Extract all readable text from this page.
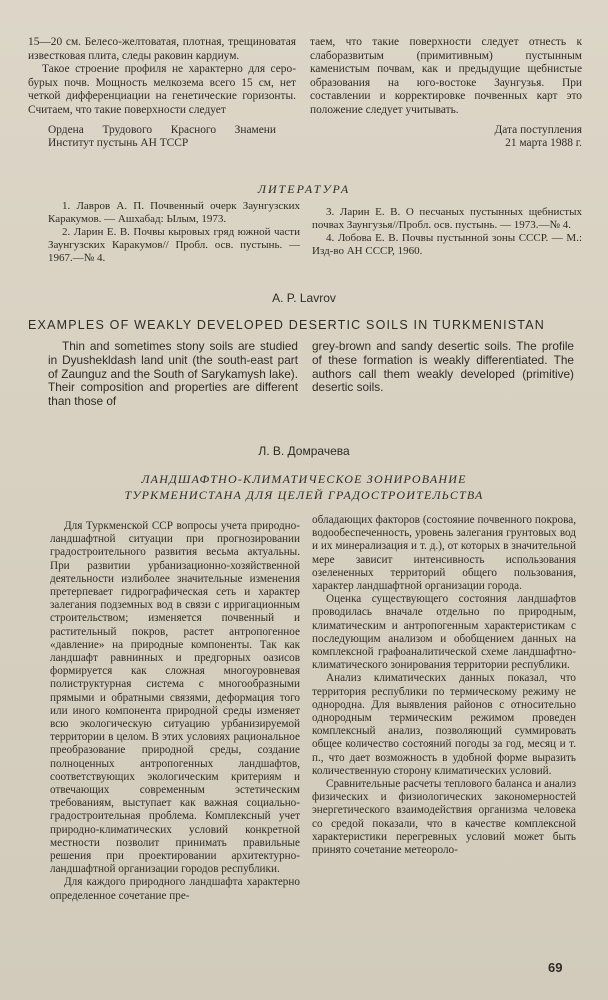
15—20 см. Белесо-желтоватая, плотная, трещиноватая известковая плита, следы раковин кардиум.

Такое строение профиля не характерно для серо-бурых почв. Мощность мелкозема всего 15 см, нет четкой дифференциации на генетические горизонты. Считаем, что такие поверхности следует

Ордена Трудового Красного Знамени Институт пустынь АН ТССР

таем, что такие поверхности следует отнесть к слаборазвитым (примитивным) пустынным каменистым почвам, как и предыдущие щебнистые образования на юго-востоке Заунгузья. При составлении и корректировке почвенных карт это положение следует учитывать.

Дата поступления

21 марта 1988 г.

ЛИТЕРАТУРА

1. Лавров А. П. Почвенный очерк Заунгузских Каракумов. — Ашхабад: Ылым, 1973.

2. Ларин Е. В. Почвы кыровых гряд южной части Заунгузских Каракумов// Пробл. осв. пустынь. — 1967.—№ 4.

3. Ларин Е. В. О песчаных пустынных щебнистых почвах Заунгузья//Пробл. осв. пустынь. — 1973.—№ 4.

4. Лобова Е. В. Почвы пустынной зоны СССР. — М.: Изд-во АН СССР, 1960.

A. P. Lavrov
EXAMPLES OF WEAKLY DEVELOPED DESERTIC SOILS IN TURKMENISTAN

Thin and sometimes stony soils are studied in Dyushekldash land unit (the south-east part of Zaunguz and the South of Sarykamysh lake). Their composition and properties are different than those of

grey-brown and sandy desertic soils. The profile of these formation is weakly differentiated. The authors call them weakly developed (primitive) desertic soils.

Л. В. Домрачева
ЛАНДШАФТНО-КЛИМАТИЧЕСКОЕ ЗОНИРОВАНИЕ
ТУРКМЕНИСТАНА ДЛЯ ЦЕЛЕЙ ГРАДОСТРОИТЕЛЬСТВА

Для Туркменской ССР вопросы учета природно-ландшафтной ситуации при прогнозировании градостроительного развития весьма актуальны. При развитии урбанизационно-хозяйственной деятельности излиболее значительные изменения претерпевает гидрографическая сеть и характер залегания подземных вод в связи с ирригационным строительством; изменяется почвенный и растительный покров, растет антропогенное «давление» на природные компоненты. Так как ландшафт равнинных и предгорных оазисов формируется как сложная многоуровневая полиструктурная система с многообразными прямыми и обратными связями, деформация того или иного компонента природной среды изменяет всю экологическую ситуацию урбанизируемой территории в целом. В этих условиях рациональное преобразование природной среды, создание полноценных антропогенных ландшафтов, соответствующих экологическим критериям и отвечающих современным эстетическим требованиям, выступает как важная социально-градостроительная проблема. Комплексный учет природно-климатических условий конкретной местности позволит принимать правильные решения при проектировании архитектурно-ландшафтной организации городов республики.

Для каждого природного ландшафта характерно определенное сочетание пре-

обладающих факторов (состояние почвенного покрова, водообеспеченность, уровень залегания грунтовых вод и их минерализация и т. д.), от которых в значительной мере зависит интенсивность использования озелененных территорий общего пользования, характер ландшафтной организации города.

Оценка существующего состояния ландшафтов проводилась вначале отдельно по природным, климатическим и антропогенным характеристикам с последующим анализом и обобщением данных на комплексной графоаналитической схеме ландшафтно-климатического зонирования территории республики.

Анализ климатических данных показал, что территория республики по термическому режиму не однородна. Для выявления районов с относительно однородным термическим режимом проведен комплексный анализ, позволяющий суммировать общее количество состояний погоды за год, месяц и т. п., что дает возможность в удобной форме выразить количественную сторону климатических условий.

Сравнительные расчеты теплового баланса и анализ физических и физиологических закономерностей энергетического взаимодействия организма человека со средой показали, что в качестве комплексной характеристики перегревных условий может быть принято сочетание метеороло-

69
